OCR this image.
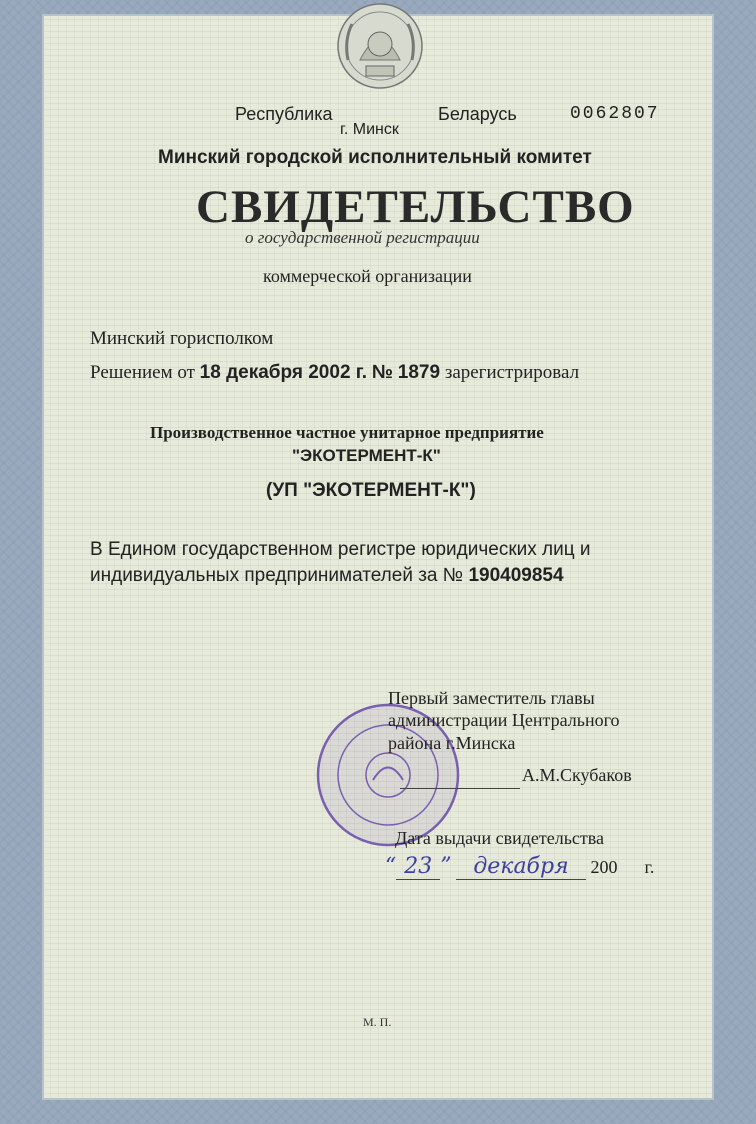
Республика	Беларусь	0062807

г. Минск

Минский городской исполнительный комитет

СВИДЕТЕЛЬСТВО

о государственной регистрации

коммерческой организации

Минский горисполком

Решением от 18 декабря 2002 г. № 1879 зарегистрировал

Производственное частное унитарное предприятие

"ЭКОТЕРМЕНТ-К"

(УП "ЭКОТЕРМЕНТ-К")

В Едином государственном регистре юридических лиц и

индивидуальных предпринимателей за № 190409854

Первый заместитель главы

администрации Центрального

района г.Минска

А.М.Скубаков

Дата выдачи свидетельства

“ 23 ” декабря 200 г.

М. П.
